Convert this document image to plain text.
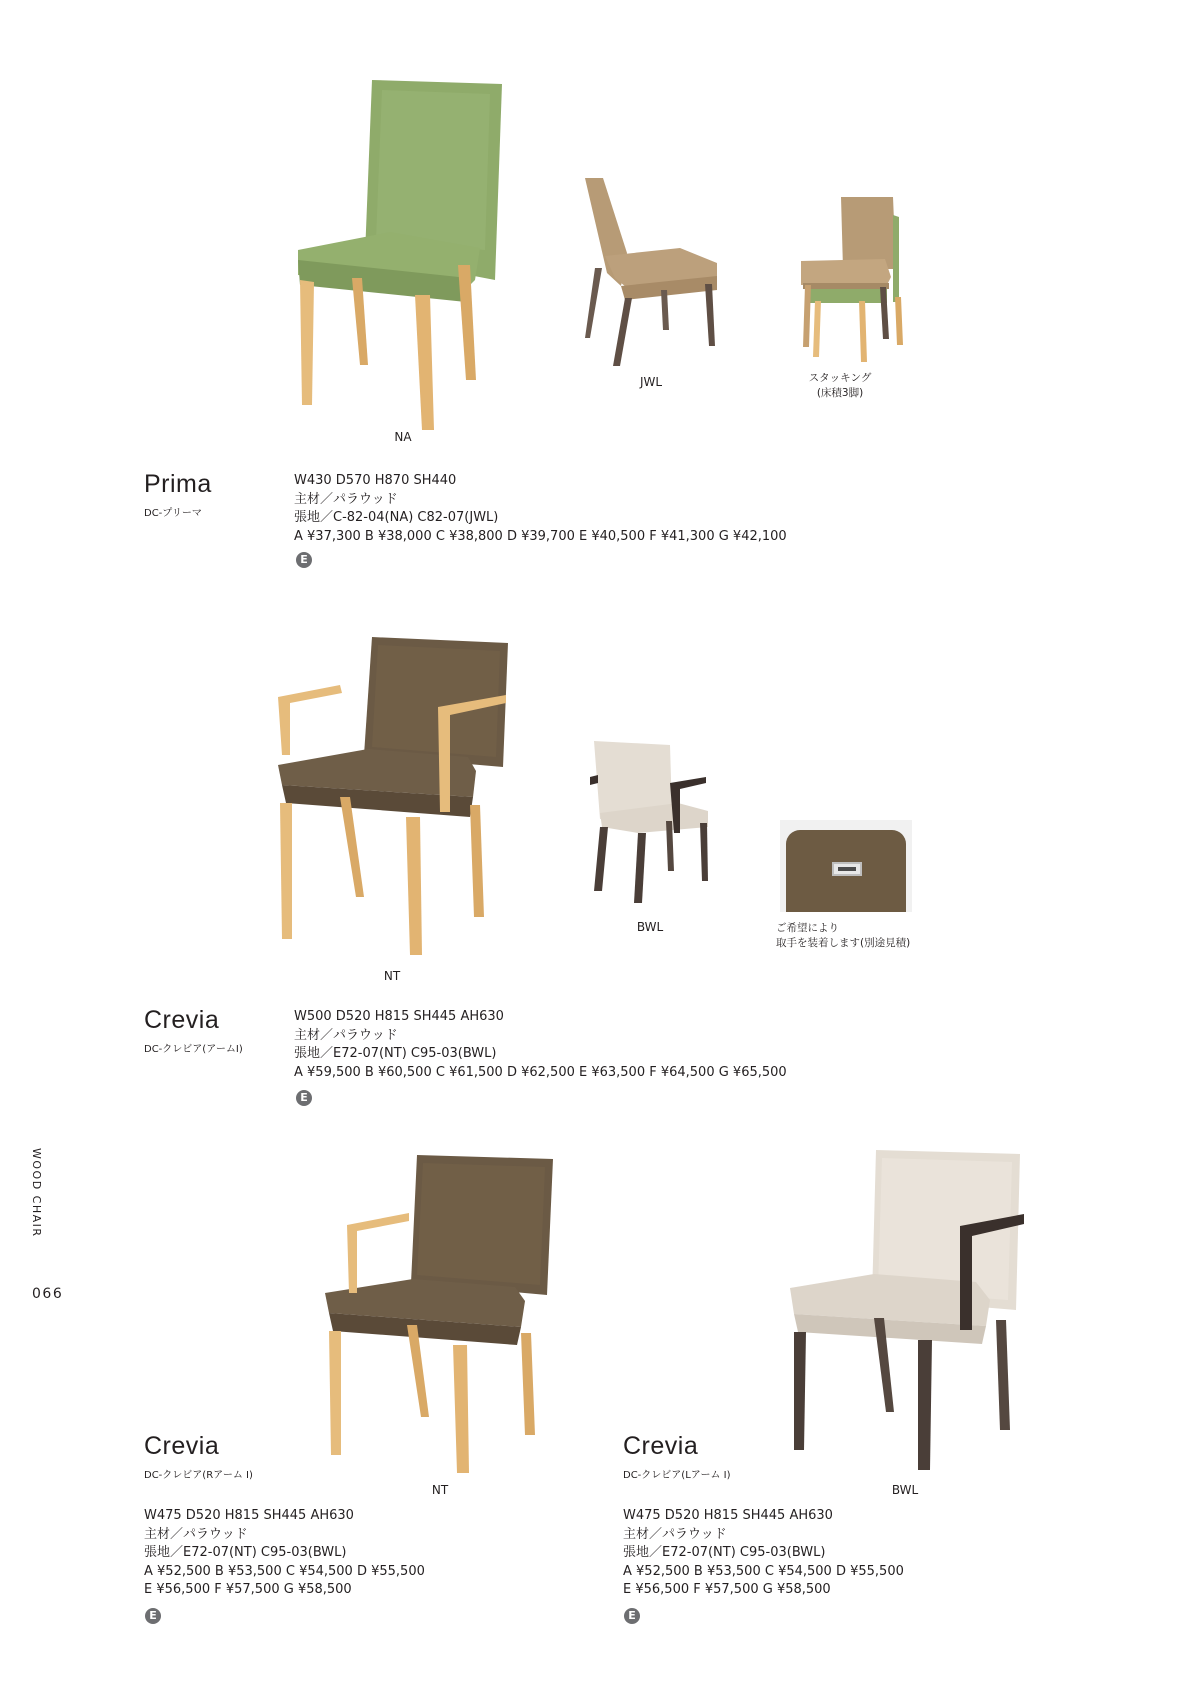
WOOD CHAIR
066
NA
JWL	スタッキング
(床積3脚)
Prima
DC-プリーマ
W430 D570 H870 SH440
主材／パラウッド
張地／C-82-04(NA) C82-07(JWL)
A ¥37,300 B ¥38,000 C ¥38,800 D ¥39,700 E ¥40,500 F ¥41,300 G ¥42,100
E
NT
BWL	ご希望により
取手を装着します(別途見積)
Crevia
DC-クレビア(アームI)
W500 D520 H815 SH445 AH630
主材／パラウッド
張地／E72-07(NT) C95-03(BWL)
A ¥59,500 B ¥60,500 C ¥61,500 D ¥62,500 E ¥63,500 F ¥64,500 G ¥65,500
E
NT
Crevia
DC-クレビア(Rアーム I)
W475 D520 H815 SH445 AH630
主材／パラウッド
張地／E72-07(NT) C95-03(BWL)
A ¥52,500 B ¥53,500 C ¥54,500 D ¥55,500
E ¥56,500 F ¥57,500 G ¥58,500
E
BWL
Crevia
DC-クレビア(Lアーム I)
W475 D520 H815 SH445 AH630
主材／パラウッド
張地／E72-07(NT) C95-03(BWL)
A ¥52,500 B ¥53,500 C ¥54,500 D ¥55,500
E ¥56,500 F ¥57,500 G ¥58,500
E
